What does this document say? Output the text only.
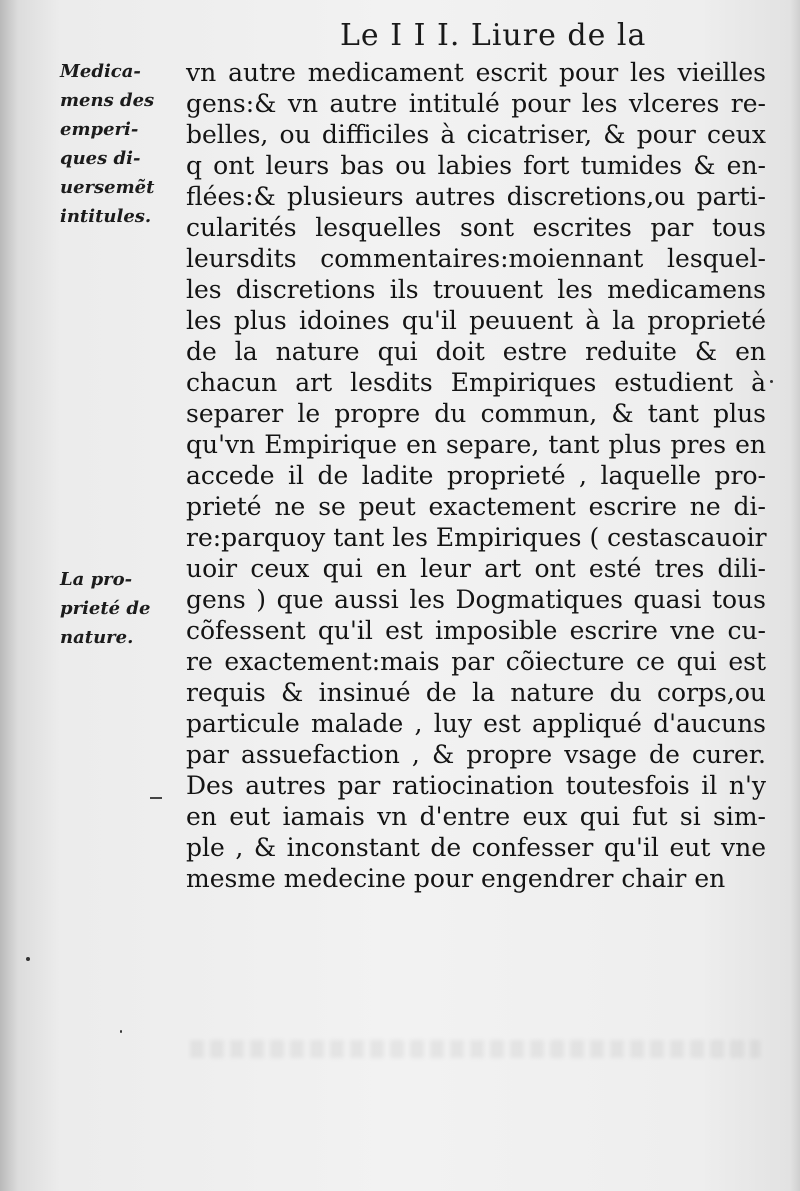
Le I I I. Liure de la
Medica-
mens des
emperi-
ques di-
uersemẽt
intitules.
La pro-
prieté de
nature.
vn autre medicament escrit pour les vieilles
gens:& vn autre intitulé pour les vlceres re-
belles, ou difficiles à cicatriser, & pour ceux
q ont leurs bas ou labies fort tumides & en-
flées:& plusieurs autres discretions,ou parti-
cularités lesquelles sont escrites par tous
leursdits commentaires:moiennant lesquel-
les discretions ils trouuent les medicamens
les plus idoines qu'il peuuent à la proprieté
de la nature qui doit estre reduite & en
chacun art lesdits Empiriques estudient à
separer le propre du commun, & tant plus
qu'vn Empirique en separe, tant plus pres en
accede il de ladite proprieté , laquelle pro-
prieté ne se peut exactement escrire ne di-
re:parquoy tant les Empiriques ( cestascauoir
uoir ceux qui en leur art ont esté tres dili-
gens ) que aussi les Dogmatiques quasi tous
cõfessent qu'il est imposible escrire vne cu-
re exactement:mais par cõiecture ce qui est
requis & insinué de la nature du corps,ou
particule malade , luy est appliqué d'aucuns
par assuefaction , & propre vsage de curer.
Des autres par ratiocination toutesfois il n'y
en eut iamais vn d'entre eux qui fut si sim-
ple , & inconstant de confesser qu'il eut vne
mesme medecine pour engendrer chair en
